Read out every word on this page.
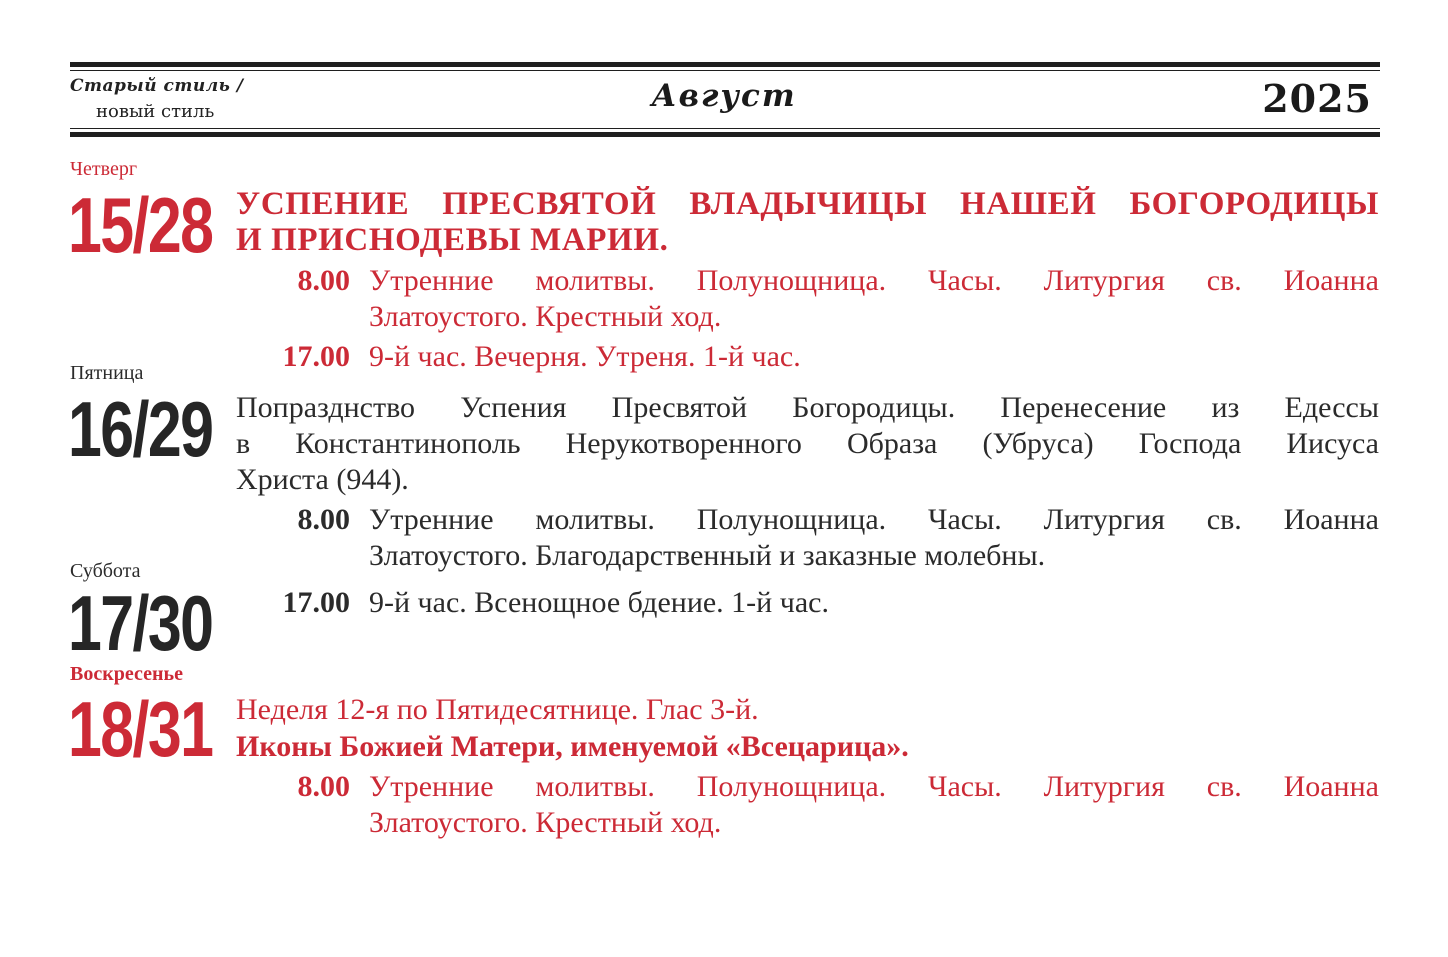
Старый стиль /
новый стиль	Август	2025
Четверг
15/28 УСПЕНИЕ ПРЕСВЯТОЙ ВЛАДЫЧИЦЫ НАШЕЙ БОГОРОДИЦЫ
И ПРИСНОДЕВЫ МАРИИ.
8.00 Утренние молитвы. Полунощница. Часы. Литургия св. Иоанна
Златоустого. Крестный ход.
17.00 9-й час. Вечерня. Утреня. 1-й час.
Пятница
16/29 Попразднство Успения Пресвятой Богородицы. Перенесение из Едессы
в Константинополь Нерукотворенного Образа (Убруса) Господа Иисуса
Христа (944).
8.00 Утренние молитвы. Полунощница. Часы. Литургия св. Иоанна
Златоустого. Благодарственный и заказные молебны.
Суббота
17/30	17.00 9-й час. Всенощное бдение. 1-й час.
Воскресенье
18/31 Неделя 12-я по Пятидесятнице. Глас 3-й.
Иконы Божией Матери, именуемой «Всецарица».
8.00 Утренние молитвы. Полунощница. Часы. Литургия св. Иоанна
Златоустого. Крестный ход.
